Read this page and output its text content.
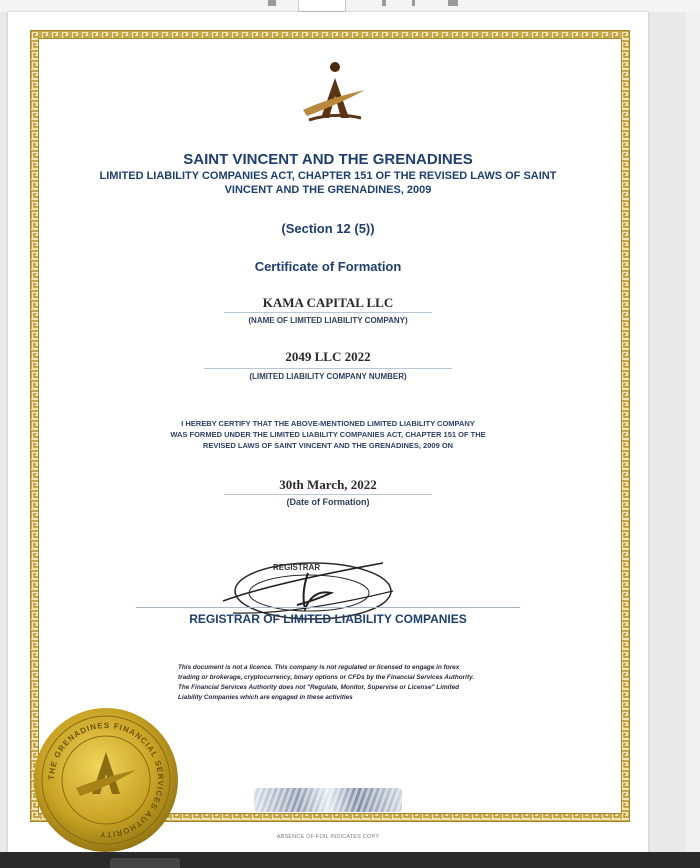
SAINT VINCENT AND THE GRENADINES
LIMITED LIABILITY COMPANIES ACT, CHAPTER 151 OF THE REVISED LAWS OF SAINT
VINCENT AND THE GRENADINES, 2009
(Section 12 (5))
Certificate of Formation
KAMA CAPITAL LLC
(NAME OF LIMITED LIABILITY COMPANY)
2049 LLC 2022
(LIMITED LIABILITY COMPANY NUMBER)
I HEREBY CERTIFY THAT THE ABOVE-MENTIONED LIMITED LIABILITY COMPANY
WAS FORMED UNDER THE LIMITED LIABILITY COMPANIES ACT, CHAPTER 151 OF THE
REVISED LAWS OF SAINT VINCENT AND THE GRENADINES, 2009 ON
30th March, 2022
(Date of Formation)
REGISTRAR
REGISTRAR OF LIMITED LIABILITY COMPANIES
This document is not a licence. This company is not regulated or licensed to engage in forex
trading or brokerage, cryptocurrency, binary options or CFDs by the Financial Services Authority.
The Financial Services Authority does not "Regulate, Monitor, Supervise or License" Limited
Liability Companies which are engaged in these activities
ABSENCE OF FOIL INDICATES COPY
THE GRENADINES FINANCIAL SERVICES AUTHORITY
